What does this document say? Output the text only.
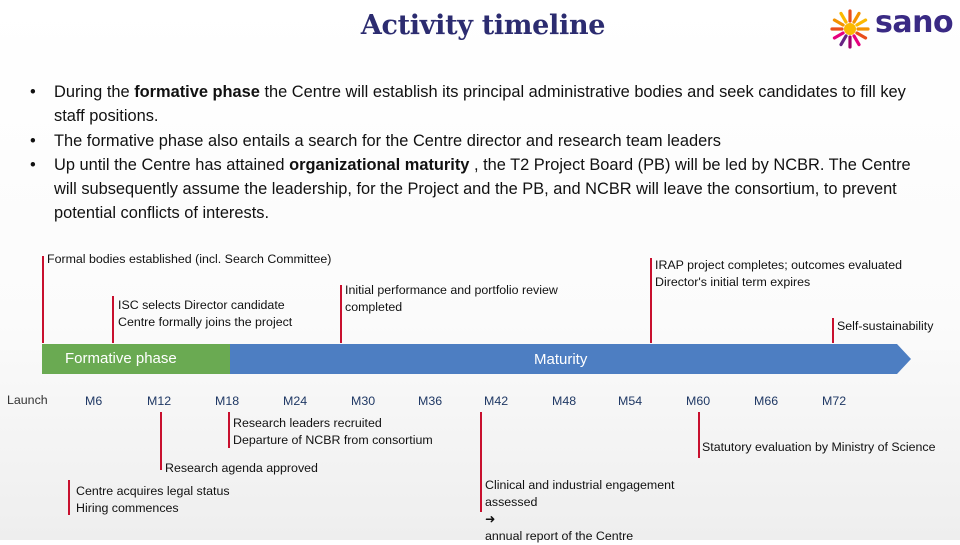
Activity timeline	sano
• During the formative phase the Centre will establish its principal administrative bodies and seek candidates to fill key staff positions.
• The formative phase also entails a search for the Centre director and research team leaders
• Up until the Centre has attained organizational maturity , the T2 Project Board (PB) will be led by NCBR. The Centre will subsequently assume the leadership, for the Project and the PB, and NCBR will leave the consortium, to prevent potential conflicts of interests.
Formative phase	Maturity
Launch	M6	M12	M18	M24	M30	M36	M42	M48	M54	M60	M66	M72
Formal bodies established (incl. Search Committee)
ISC selects Director candidate
Centre formally joins the project
Initial performance and portfolio review
completed
IRAP project completes; outcomes evaluated
Director's initial term expires
Self-sustainability
Research leaders recruited
Departure of NCBR from consortium	Statutory evaluation by Ministry of Science
Research agenda approved
Centre acquires legal status
Hiring commences
Clinical and industrial engagement
assessed
➜
annual report of the Centre
